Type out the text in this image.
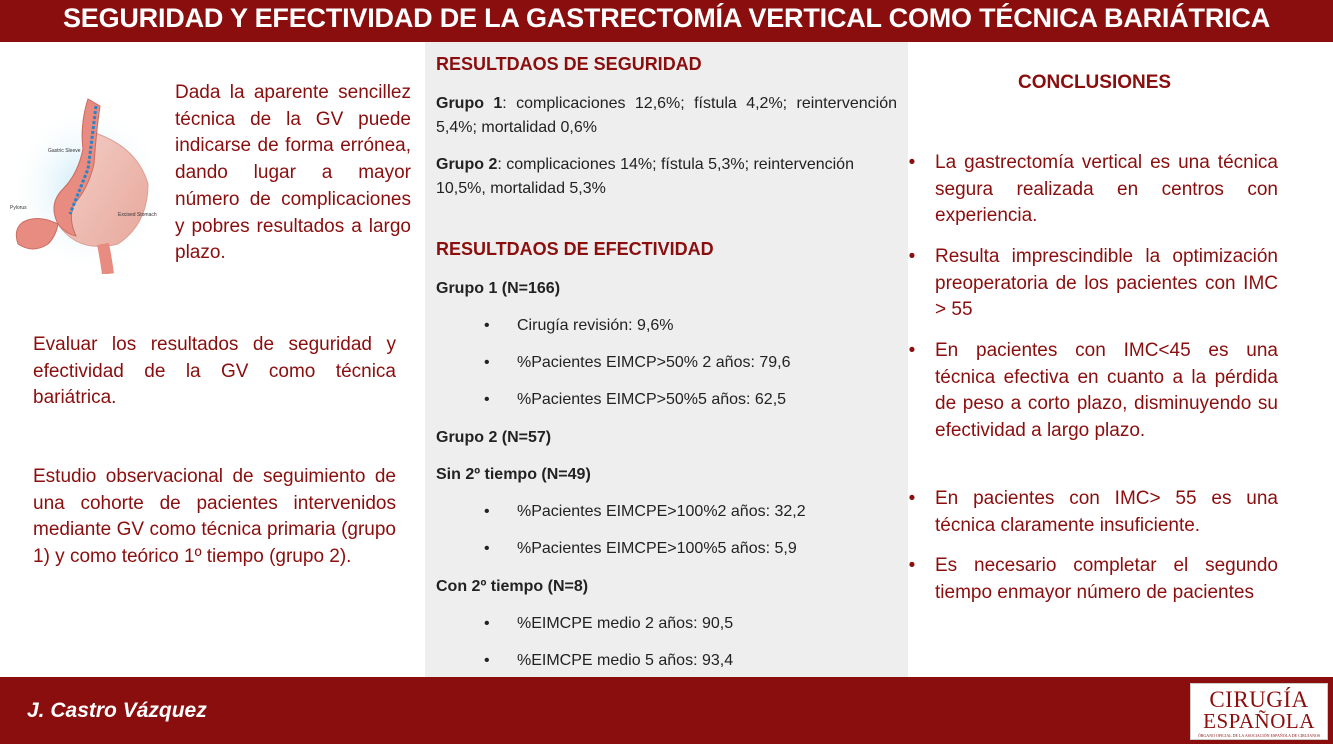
SEGURIDAD Y EFECTIVIDAD DE LA GASTRECTOMÍA VERTICAL COMO TÉCNICA BARIÁTRICA
Gastric Sleeve
Pylorus
Excised Stomach

Dada la aparente sencillez técnica de la GV puede indicarse de forma errónea, dando lugar a mayor número de complicaciones y pobres resultados a largo plazo.

Evaluar los resultados de seguridad y efectividad de la GV como técnica bariátrica.

Estudio observacional de seguimiento de una cohorte de pacientes intervenidos mediante GV como técnica primaria (grupo 1) y como teórico 1º tiempo (grupo 2).

RESULTDAOS DE SEGURIDAD

Grupo 1: complicaciones 12,6%; fístula 4,2%; reintervención 5,4%; mortalidad 0,6%

Grupo 2: complicaciones 14%; fístula 5,3%; reintervención 10,5%, mortalidad 5,3%

RESULTDAOS DE EFECTIVIDAD
Grupo 1 (N=166)
• Cirugía revisión: 9,6%
• %Pacientes EIMCP>50% 2 años: 79,6
• %Pacientes EIMCP>50%5 años: 62,5
Grupo 2 (N=57)
Sin 2º tiempo (N=49)
• %Pacientes EIMCPE>100%2 años: 32,2
• %Pacientes EIMCPE>100%5 años: 5,9
Con 2º tiempo (N=8)
• %EIMCPE medio 2 años: 90,5
• %EIMCPE medio 5 años: 93,4
CONCLUSIONES
•	La gastrectomía vertical es una técnica segura realizada en centros con experiencia.
•	Resulta imprescindible la optimización preoperatoria de los pacientes con IMC > 55
•	En pacientes con IMC<45 es una técnica efectiva en cuanto a la pérdida de peso a corto plazo, disminuyendo su efectividad a largo plazo.
•	En pacientes con IMC> 55 es una técnica claramente insuficiente.
•	Es necesario completar el segundo tiempo enmayor número de pacientes
J. Castro Vázquez	CIRUGÍA
ESPAÑOLA
ÓRGANO OFICIAL DE LA ASOCIACIÓN ESPAÑOLA DE CIRUJANOS
